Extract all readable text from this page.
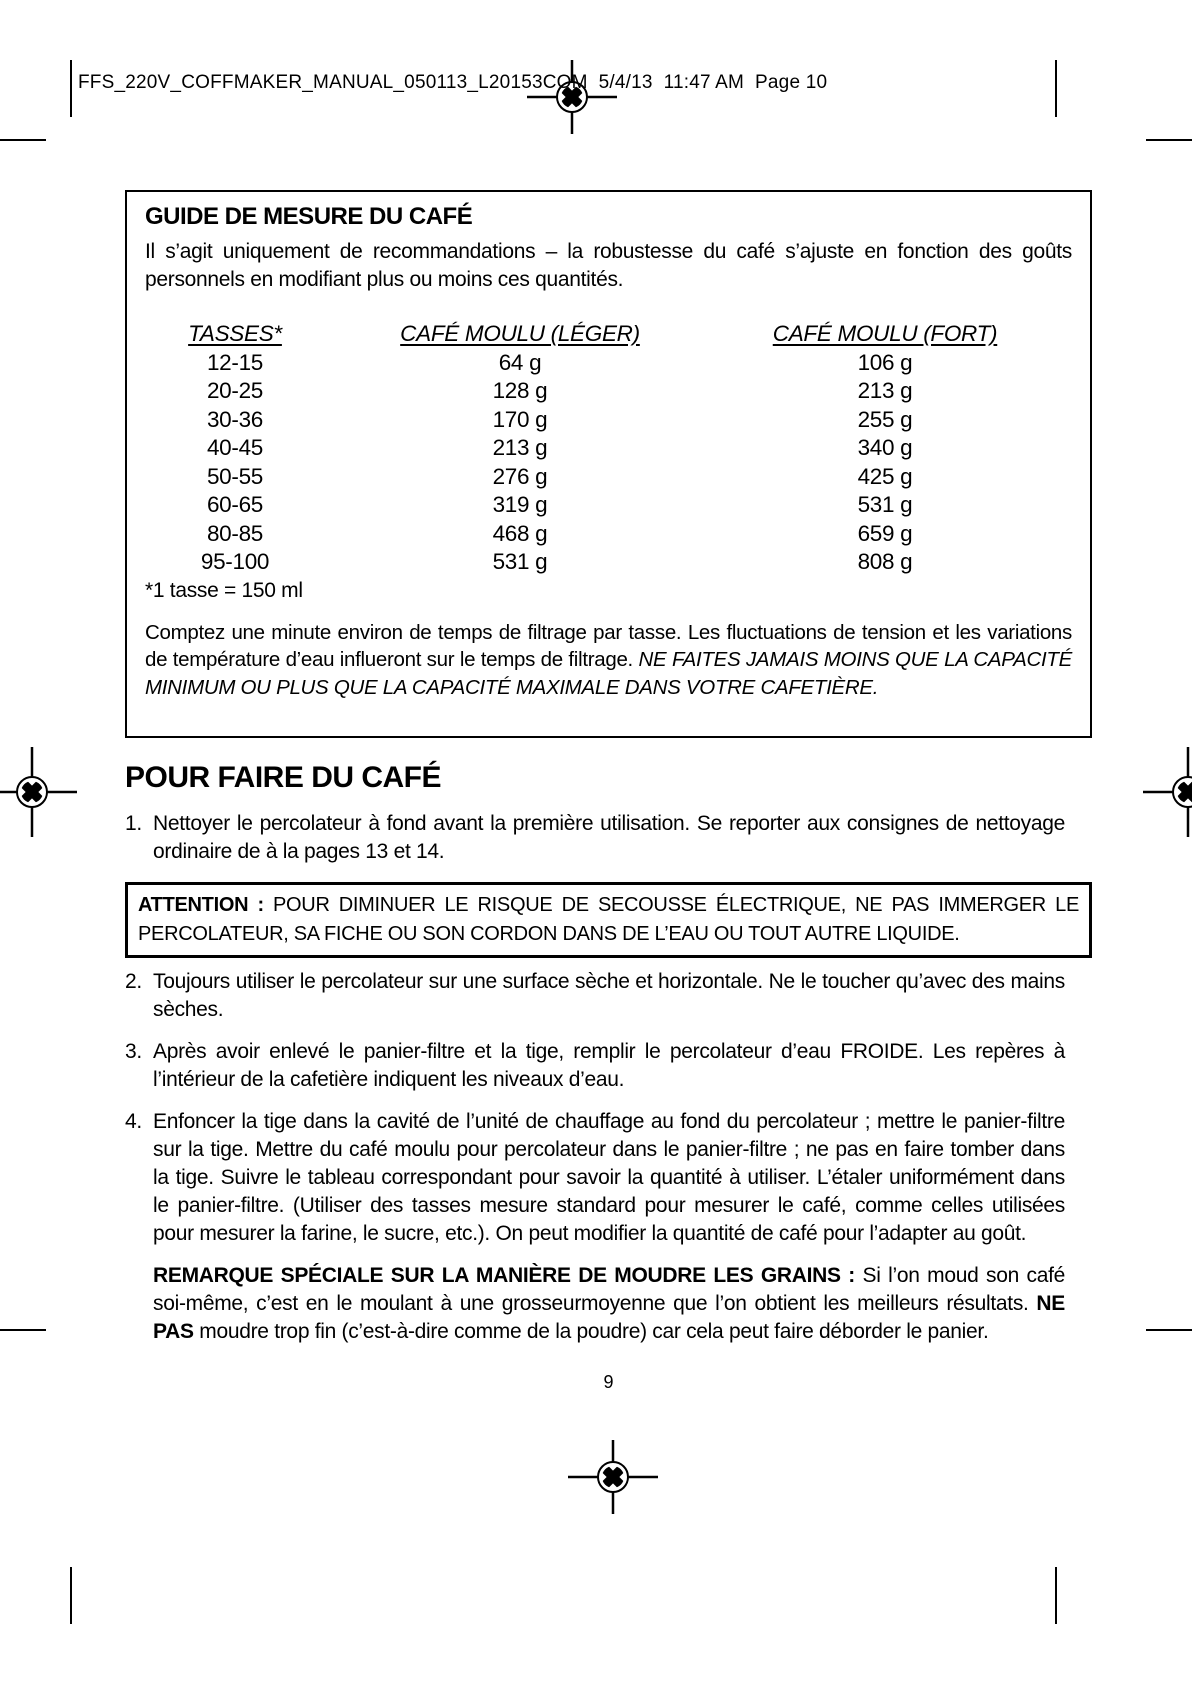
FFS_220V_COFFMAKER_MANUAL_050113_L20153COM  5/4/13  11:47 AM  Page 10
GUIDE DE MESURE DU CAFÉ

Il s’agit uniquement de recommandations – la robustesse du café s’ajuste en fonction des goûts personnels en modifiant plus ou moins ces quantités.

TASSES*	CAFÉ MOULU (LÉGER)	CAFÉ MOULU (FORT)
12-15	64 g	106 g
20-25	128 g	213 g
30-36	170 g	255 g
40-45	213 g	340 g
50-55	276 g	425 g
60-65	319 g	531 g
80-85	468 g	659 g
95-100	531 g	808 g
*1 tasse = 150 ml

Comptez une minute environ de temps de filtrage par tasse. Les fluctuations de tension et les variations de température d’eau influeront sur le temps de filtrage. NE FAITES JAMAIS MOINS QUE LA CAPACITÉ MINIMUM OU PLUS QUE LA CAPACITÉ MAXIMALE DANS VOTRE CAFETIÈRE.

POUR FAIRE DU CAFÉ
1. Nettoyer le percolateur à fond avant la première utilisation. Se reporter aux consignes de nettoyage ordinaire de à la pages 13 et 14.
ATTENTION : POUR DIMINUER LE RISQUE DE SECOUSSE ÉLECTRIQUE, NE PAS IMMERGER LE PERCOLATEUR, SA FICHE OU SON CORDON DANS DE L’EAU OU TOUT AUTRE LIQUIDE.
2. Toujours utiliser le percolateur sur une surface sèche et horizontale. Ne le toucher qu’avec des mains sèches.
3. Après avoir enlevé le panier-filtre et la tige, remplir le percolateur d’eau FROIDE. Les repères à l’intérieur de la cafetière indiquent les niveaux d’eau.
4. Enfoncer la tige dans la cavité de l’unité de chauffage au fond du percolateur ; mettre le panier-filtre sur la tige. Mettre du café moulu pour percolateur dans le panier-filtre ; ne pas en faire tomber dans la tige. Suivre le tableau correspondant pour savoir la quantité à utiliser. L’étaler uniformément dans le panier-filtre. (Utiliser des tasses mesure standard pour mesurer le café, comme celles utilisées pour mesurer la farine, le sucre, etc.). On peut modifier la quantité de café pour l’adapter au goût.

REMARQUE SPÉCIALE SUR LA MANIÈRE DE MOUDRE LES GRAINS : Si l’on moud son café soi-même, c’est en le moulant à une grosseurmoyenne que l’on obtient les meilleurs résultats. NE PAS moudre trop fin (c’est-à-dire comme de la poudre) car cela peut faire déborder le panier.

9
